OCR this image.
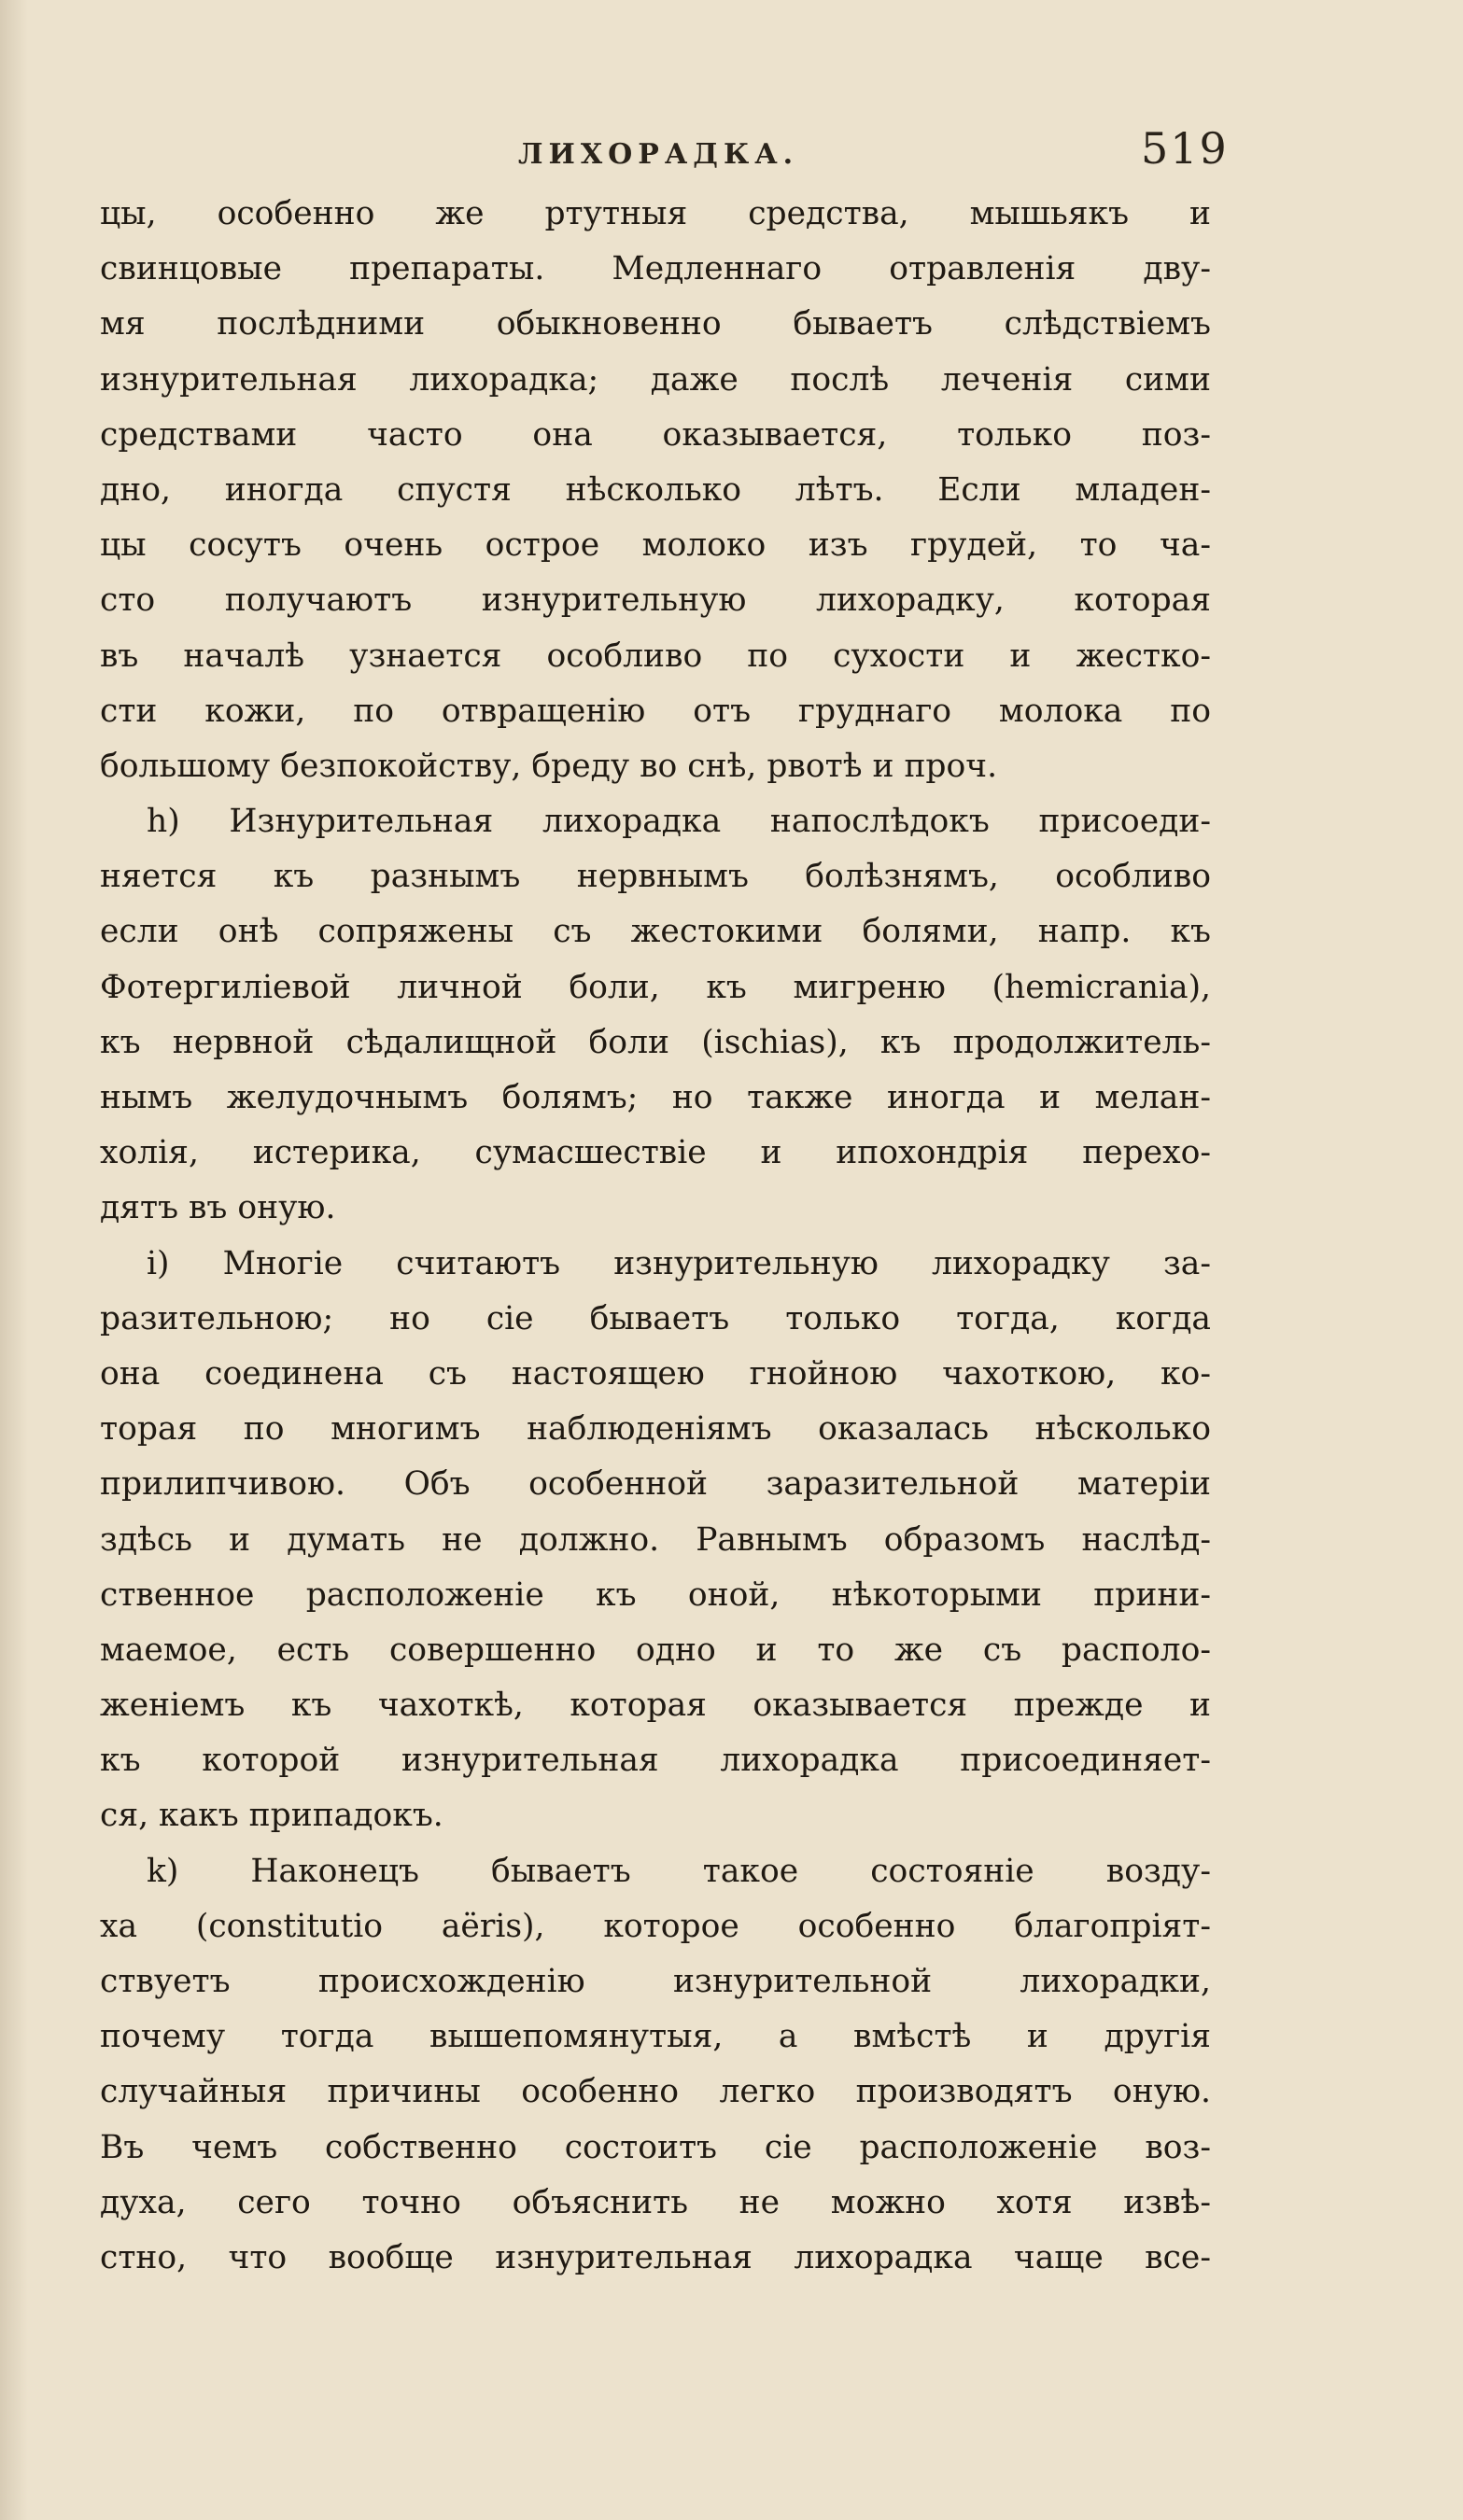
ЛИХОРАДКА.	519
цы, особенно же ртутныя средства, мышьякъ и
свинцовые препараты. Медленнаго отравленія дву-
мя послѣдними обыкновенно бываетъ слѣдствіемъ
изнурительная лихорадка; даже послѣ леченія сими
средствами часто она оказывается, только поз-
дно, иногда спустя нѣсколько лѣтъ. Если младен-
цы сосутъ очень острое молоко изъ грудей, то ча-
сто получаютъ изнурительную лихорадку, которая
въ началѣ узнается особливо по сухости и жестко-
сти кожи, по отвращенію отъ груднаго молока по
большому безпокойству, бреду во снѣ, рвотѣ и проч.
h) Изнурительная лихорадка напослѣдокъ присоеди-
няется къ разнымъ нервнымъ болѣзнямъ, особливо
если онѣ сопряжены съ жестокими болями, напр. къ
Фотергиліевой личной боли, къ мигреню (hemicrania),
къ нервной сѣдалищной боли (ischias), къ продолжитель-
нымъ желудочнымъ болямъ; но также иногда и мелан-
холія, истерика, сумасшествіе и ипохондрія перехо-
дятъ въ оную.
i) Многіе считаютъ изнурительную лихорадку за-
разительною; но сіе бываетъ только тогда, когда
она соединена съ настоящею гнойною чахоткою, ко-
торая по многимъ наблюденіямъ оказалась нѣсколько
прилипчивою. Объ особенной заразительной матеріи
здѣсь и думать не должно. Равнымъ образомъ наслѣд-
ственное расположеніе къ оной, нѣкоторыми прини-
маемое, есть совершенно одно и то же съ располо-
женіемъ къ чахоткѣ, которая оказывается прежде и
къ которой изнурительная лихорадка присоединяет-
ся, какъ припадокъ.
k) Наконецъ бываетъ такое состояніе возду-
ха (constitutio aëris), которое особенно благопріят-
ствуетъ происхожденію изнурительной лихорадки,
почему тогда вышепомянутыя, а вмѣстѣ и другія
случайныя причины особенно легко производятъ оную.
Въ чемъ собственно состоитъ сіе расположеніе воз-
духа, сего точно объяснить не можно хотя извѣ-
стно, что вообще изнурительная лихорадка чаще все-
